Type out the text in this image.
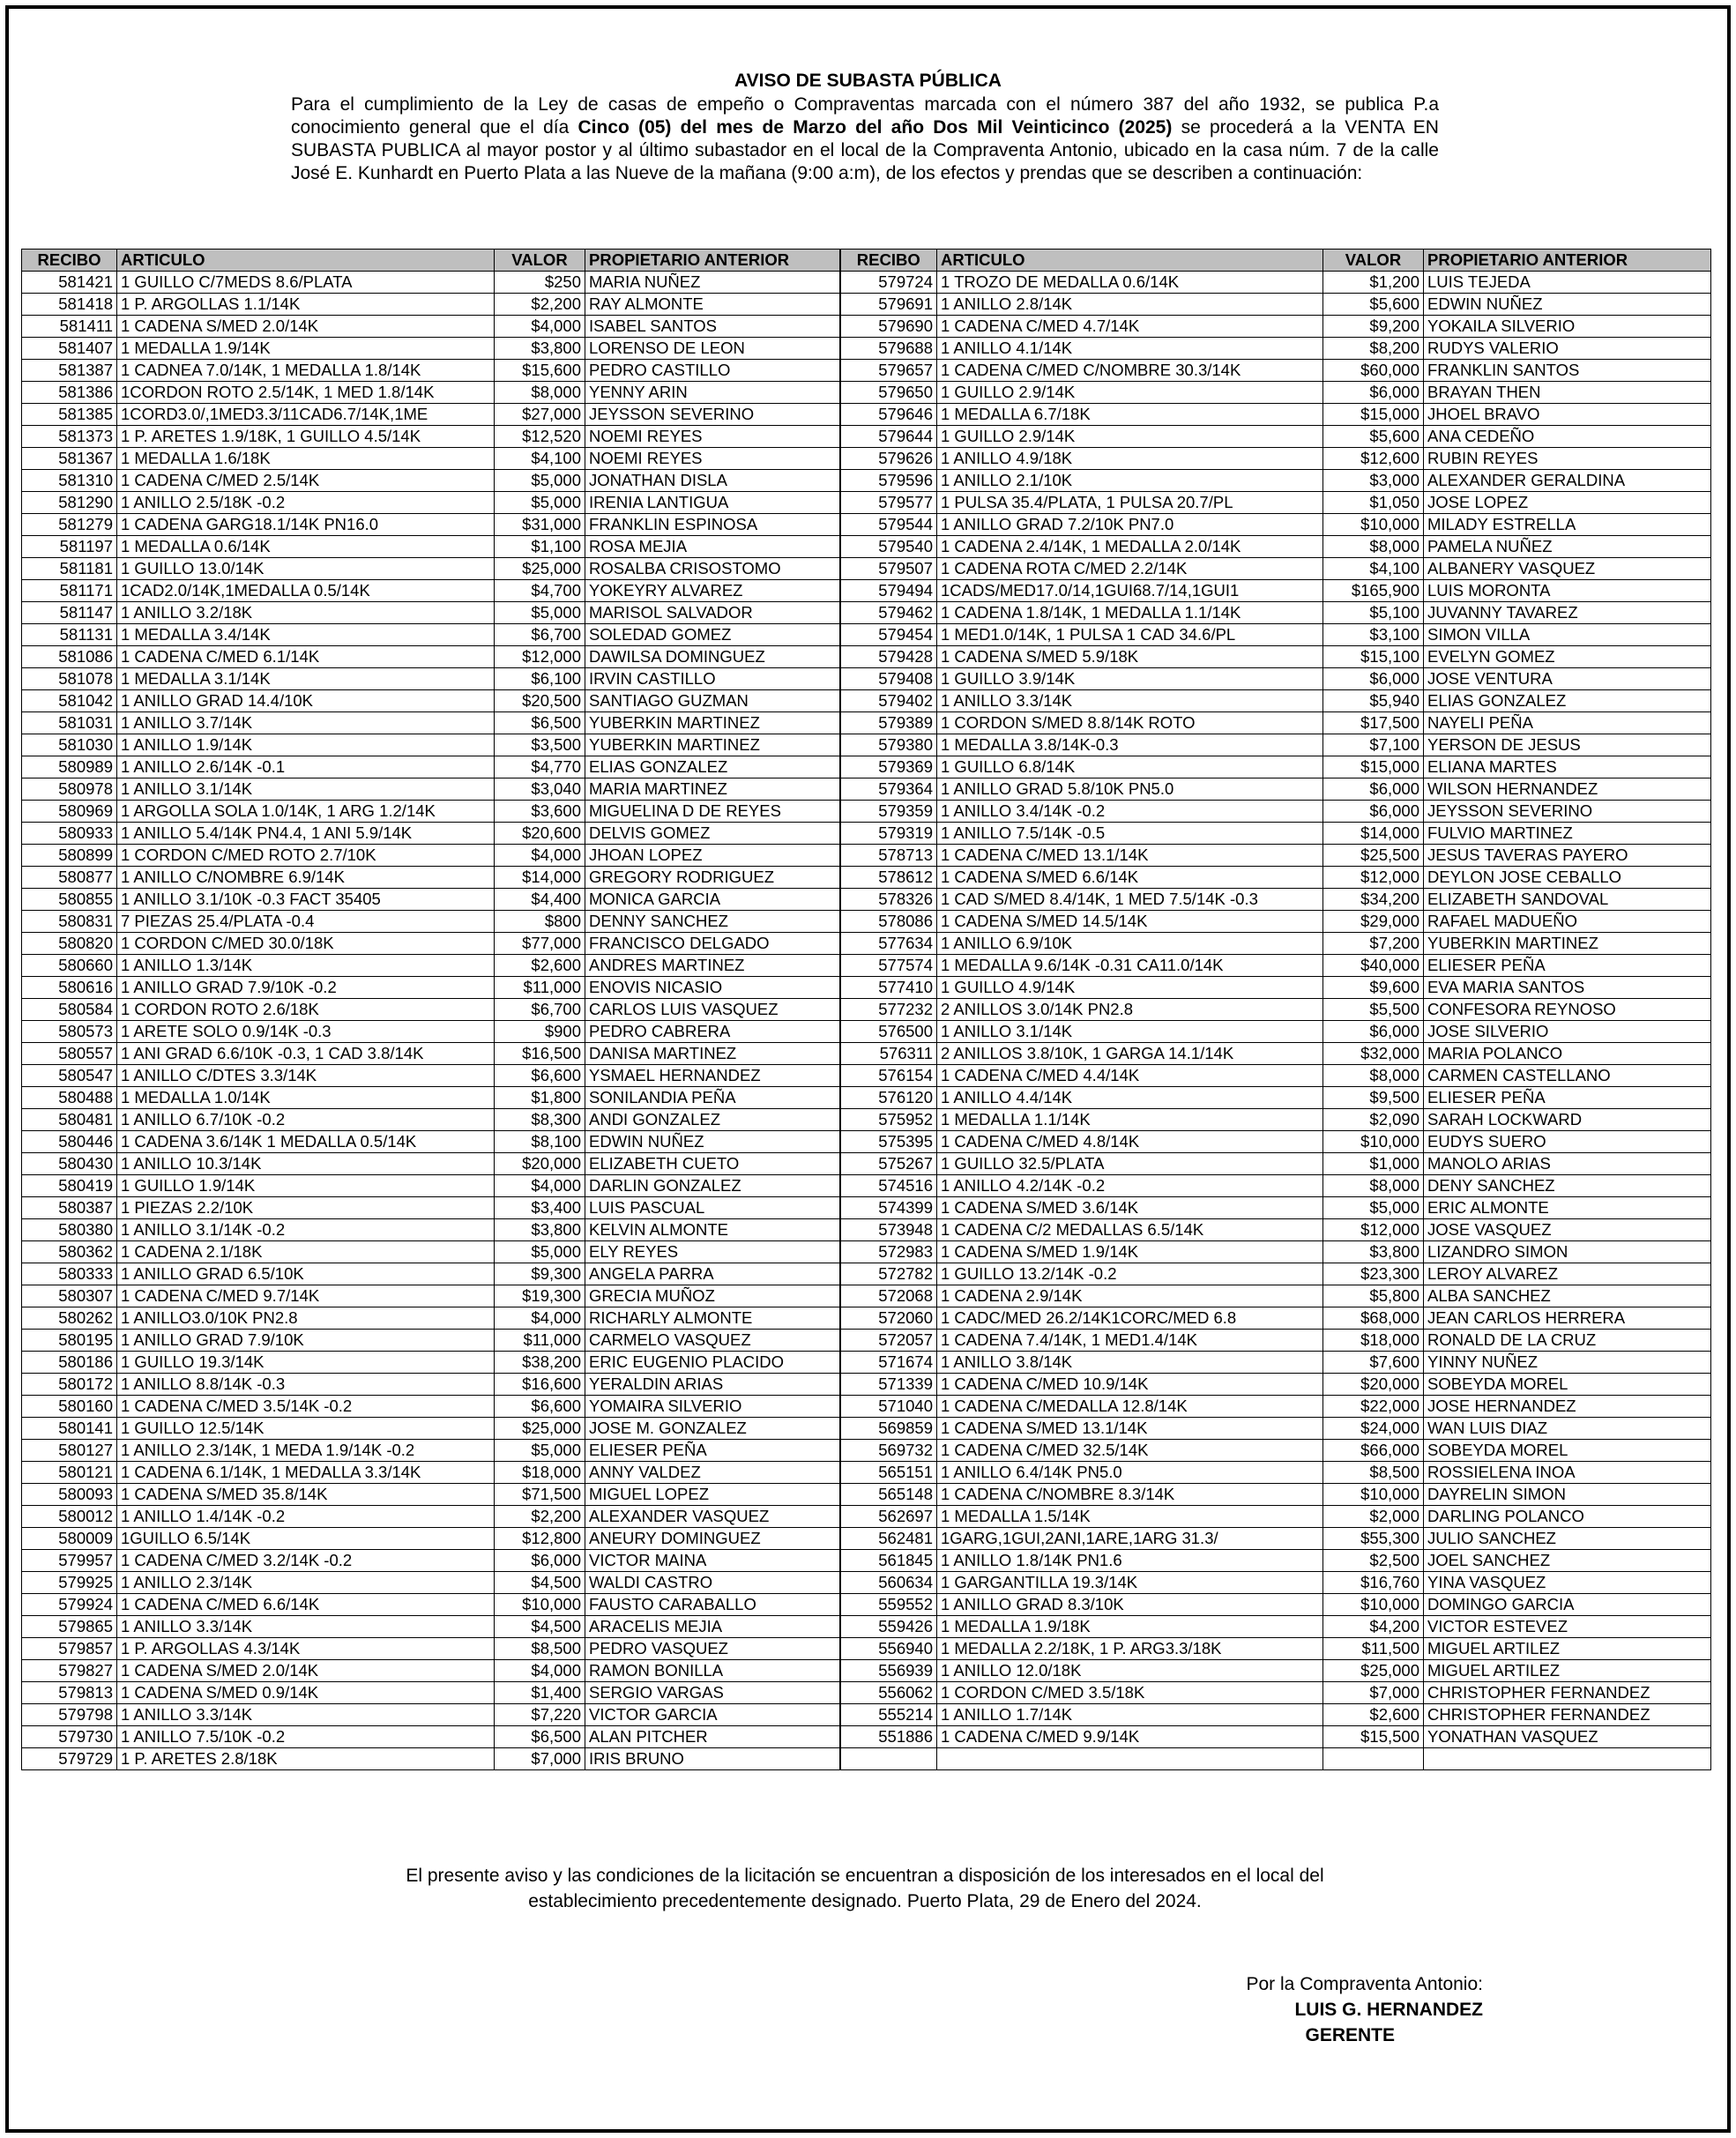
AVISO DE SUBASTA PÚBLICA
Para el cumplimiento de la Ley de casas de empeño o Compraventas marcada con el número 387 del año 1932, se publica P.a conocimiento general que el día Cinco (05) del mes de Marzo del año Dos Mil Veinticinco (2025) se procederá a la VENTA EN SUBASTA PUBLICA al mayor postor y al último subastador en el local de la Compraventa Antonio, ubicado en la casa núm. 7 de la calle José E. Kunhardt en Puerto Plata a las Nueve de la mañana (9:00 a:m), de los efectos y prendas que se describen a continuación:
RECIBO	ARTICULO	VALOR	PROPIETARIO ANTERIOR	RECIBO	ARTICULO	VALOR	PROPIETARIO ANTERIOR
581421	1 GUILLO C/7MEDS 8.6/PLATA	$250	MARIA NUÑEZ	579724	1 TROZO DE MEDALLA 0.6/14K	$1,200	LUIS TEJEDA
581418	1 P. ARGOLLAS 1.1/14K	$2,200	RAY ALMONTE	579691	1 ANILLO 2.8/14K	$5,600	EDWIN NUÑEZ
581411	1 CADENA S/MED 2.0/14K	$4,000	ISABEL SANTOS	579690	1 CADENA C/MED 4.7/14K	$9,200	YOKAILA SILVERIO
581407	1 MEDALLA 1.9/14K	$3,800	LORENSO DE LEON	579688	1 ANILLO 4.1/14K	$8,200	RUDYS VALERIO
581387	1 CADNEA 7.0/14K, 1 MEDALLA 1.8/14K	$15,600	PEDRO CASTILLO	579657	1 CADENA C/MED C/NOMBRE 30.3/14K	$60,000	FRANKLIN SANTOS
581386	1CORDON ROTO 2.5/14K, 1 MED 1.8/14K	$8,000	YENNY ARIN	579650	1 GUILLO 2.9/14K	$6,000	BRAYAN THEN
581385	1CORD3.0/,1MED3.3/11CAD6.7/14K,1ME	$27,000	JEYSSON SEVERINO	579646	1 MEDALLA 6.7/18K	$15,000	JHOEL BRAVO
581373	1 P. ARETES 1.9/18K, 1 GUILLO 4.5/14K	$12,520	NOEMI REYES	579644	1 GUILLO 2.9/14K	$5,600	ANA CEDEÑO
581367	1 MEDALLA 1.6/18K	$4,100	NOEMI REYES	579626	1 ANILLO 4.9/18K	$12,600	RUBIN REYES
581310	1 CADENA C/MED 2.5/14K	$5,000	JONATHAN DISLA	579596	1 ANILLO 2.1/10K	$3,000	ALEXANDER GERALDINA
581290	1 ANILLO 2.5/18K -0.2	$5,000	IRENIA LANTIGUA	579577	1 PULSA 35.4/PLATA, 1 PULSA 20.7/PL	$1,050	JOSE LOPEZ
581279	1 CADENA GARG18.1/14K PN16.0	$31,000	FRANKLIN ESPINOSA	579544	1 ANILLO GRAD 7.2/10K PN7.0	$10,000	MILADY ESTRELLA
581197	1 MEDALLA 0.6/14K	$1,100	ROSA MEJIA	579540	1 CADENA 2.4/14K, 1 MEDALLA 2.0/14K	$8,000	PAMELA NUÑEZ
581181	1 GUILLO 13.0/14K	$25,000	ROSALBA CRISOSTOMO	579507	1 CADENA ROTA C/MED 2.2/14K	$4,100	ALBANERY VASQUEZ
581171	1CAD2.0/14K,1MEDALLA 0.5/14K	$4,700	YOKEYRY ALVAREZ	579494	1CADS/MED17.0/14,1GUI68.7/14,1GUI1	$165,900	LUIS MORONTA
581147	1 ANILLO 3.2/18K	$5,000	MARISOL SALVADOR	579462	1 CADENA 1.8/14K, 1 MEDALLA 1.1/14K	$5,100	JUVANNY TAVAREZ
581131	1 MEDALLA 3.4/14K	$6,700	SOLEDAD GOMEZ	579454	1 MED1.0/14K, 1 PULSA 1 CAD 34.6/PL	$3,100	SIMON VILLA
581086	1 CADENA C/MED 6.1/14K	$12,000	DAWILSA DOMINGUEZ	579428	1 CADENA S/MED 5.9/18K	$15,100	EVELYN GOMEZ
581078	1 MEDALLA 3.1/14K	$6,100	IRVIN CASTILLO	579408	1 GUILLO 3.9/14K	$6,000	JOSE VENTURA
581042	1 ANILLO GRAD 14.4/10K	$20,500	SANTIAGO GUZMAN	579402	1 ANILLO 3.3/14K	$5,940	ELIAS GONZALEZ
581031	1 ANILLO 3.7/14K	$6,500	YUBERKIN MARTINEZ	579389	1 CORDON S/MED 8.8/14K ROTO	$17,500	NAYELI PEÑA
581030	1 ANILLO 1.9/14K	$3,500	YUBERKIN MARTINEZ	579380	1 MEDALLA 3.8/14K-0.3	$7,100	YERSON DE JESUS
580989	1 ANILLO 2.6/14K -0.1	$4,770	ELIAS GONZALEZ	579369	1 GUILLO 6.8/14K	$15,000	ELIANA MARTES
580978	1 ANILLO 3.1/14K	$3,040	MARIA MARTINEZ	579364	1 ANILLO GRAD 5.8/10K PN5.0	$6,000	WILSON HERNANDEZ
580969	1 ARGOLLA SOLA 1.0/14K, 1 ARG 1.2/14K	$3,600	MIGUELINA D DE REYES	579359	1 ANILLO 3.4/14K -0.2	$6,000	JEYSSON SEVERINO
580933	1 ANILLO 5.4/14K PN4.4, 1 ANI 5.9/14K	$20,600	DELVIS GOMEZ	579319	1 ANILLO 7.5/14K -0.5	$14,000	FULVIO MARTINEZ
580899	1 CORDON C/MED ROTO 2.7/10K	$4,000	JHOAN LOPEZ	578713	1 CADENA C/MED 13.1/14K	$25,500	JESUS TAVERAS PAYERO
580877	1 ANILLO C/NOMBRE 6.9/14K	$14,000	GREGORY RODRIGUEZ	578612	1 CADENA S/MED 6.6/14K	$12,000	DEYLON JOSE CEBALLO
580855	1 ANILLO 3.1/10K -0.3 FACT 35405	$4,400	MONICA GARCIA	578326	1 CAD S/MED 8.4/14K, 1 MED 7.5/14K -0.3	$34,200	ELIZABETH SANDOVAL
580831	7 PIEZAS 25.4/PLATA -0.4	$800	DENNY SANCHEZ	578086	1 CADENA S/MED 14.5/14K	$29,000	RAFAEL MADUEÑO
580820	1 CORDON C/MED 30.0/18K	$77,000	FRANCISCO DELGADO	577634	1 ANILLO 6.9/10K	$7,200	YUBERKIN MARTINEZ
580660	1 ANILLO 1.3/14K	$2,600	ANDRES MARTINEZ	577574	1 MEDALLA 9.6/14K -0.31 CA11.0/14K	$40,000	ELIESER PEÑA
580616	1 ANILLO GRAD 7.9/10K -0.2	$11,000	ENOVIS NICASIO	577410	1 GUILLO 4.9/14K	$9,600	EVA MARIA SANTOS
580584	1 CORDON ROTO 2.6/18K	$6,700	CARLOS LUIS VASQUEZ	577232	2 ANILLOS 3.0/14K PN2.8	$5,500	CONFESORA REYNOSO
580573	1 ARETE SOLO 0.9/14K -0.3	$900	PEDRO CABRERA	576500	1 ANILLO 3.1/14K	$6,000	JOSE SILVERIO
580557	1 ANI GRAD 6.6/10K -0.3, 1 CAD 3.8/14K	$16,500	DANISA MARTINEZ	576311	2 ANILLOS 3.8/10K, 1 GARGA 14.1/14K	$32,000	MARIA POLANCO
580547	1 ANILLO C/DTES 3.3/14K	$6,600	YSMAEL HERNANDEZ	576154	1 CADENA C/MED 4.4/14K	$8,000	CARMEN CASTELLANO
580488	1 MEDALLA 1.0/14K	$1,800	SONILANDIA PEÑA	576120	1 ANILLO 4.4/14K	$9,500	ELIESER PEÑA
580481	1 ANILLO 6.7/10K -0.2	$8,300	ANDI GONZALEZ	575952	1 MEDALLA 1.1/14K	$2,090	SARAH LOCKWARD
580446	1 CADENA 3.6/14K 1 MEDALLA 0.5/14K	$8,100	EDWIN NUÑEZ	575395	1 CADENA C/MED 4.8/14K	$10,000	EUDYS SUERO
580430	1 ANILLO 10.3/14K	$20,000	ELIZABETH CUETO	575267	1 GUILLO 32.5/PLATA	$1,000	MANOLO ARIAS
580419	1 GUILLO 1.9/14K	$4,000	DARLIN GONZALEZ	574516	1 ANILLO 4.2/14K -0.2	$8,000	DENY SANCHEZ
580387	1 PIEZAS 2.2/10K	$3,400	LUIS PASCUAL	574399	1 CADENA S/MED 3.6/14K	$5,000	ERIC ALMONTE
580380	1 ANILLO 3.1/14K -0.2	$3,800	KELVIN ALMONTE	573948	1 CADENA C/2 MEDALLAS 6.5/14K	$12,000	JOSE VASQUEZ
580362	1 CADENA 2.1/18K	$5,000	ELY REYES	572983	1 CADENA S/MED 1.9/14K	$3,800	LIZANDRO SIMON
580333	1 ANILLO GRAD 6.5/10K	$9,300	ANGELA PARRA	572782	1 GUILLO 13.2/14K -0.2	$23,300	LEROY ALVAREZ
580307	1 CADENA C/MED 9.7/14K	$19,300	GRECIA MUÑOZ	572068	1 CADENA 2.9/14K	$5,800	ALBA SANCHEZ
580262	1 ANILLO3.0/10K PN2.8	$4,000	RICHARLY ALMONTE	572060	1 CADC/MED 26.2/14K1CORC/MED 6.8	$68,000	JEAN CARLOS HERRERA
580195	1 ANILLO GRAD 7.9/10K	$11,000	CARMELO VASQUEZ	572057	1 CADENA 7.4/14K, 1 MED1.4/14K	$18,000	RONALD DE LA CRUZ
580186	1 GUILLO 19.3/14K	$38,200	ERIC EUGENIO PLACIDO	571674	1 ANILLO 3.8/14K	$7,600	YINNY NUÑEZ
580172	1 ANILLO 8.8/14K -0.3	$16,600	YERALDIN ARIAS	571339	1 CADENA C/MED 10.9/14K	$20,000	SOBEYDA MOREL
580160	1 CADENA C/MED 3.5/14K -0.2	$6,600	YOMAIRA SILVERIO	571040	1 CADENA C/MEDALLA 12.8/14K	$22,000	JOSE HERNANDEZ
580141	1 GUILLO 12.5/14K	$25,000	JOSE M. GONZALEZ	569859	1 CADENA S/MED 13.1/14K	$24,000	WAN LUIS DIAZ
580127	1 ANILLO 2.3/14K, 1 MEDA 1.9/14K -0.2	$5,000	ELIESER PEÑA	569732	1 CADENA C/MED 32.5/14K	$66,000	SOBEYDA MOREL
580121	1 CADENA 6.1/14K, 1 MEDALLA 3.3/14K	$18,000	ANNY VALDEZ	565151	1 ANILLO 6.4/14K PN5.0	$8,500	ROSSIELENA INOA
580093	1 CADENA S/MED 35.8/14K	$71,500	MIGUEL LOPEZ	565148	1 CADENA C/NOMBRE 8.3/14K	$10,000	DAYRELIN SIMON
580012	1 ANILLO 1.4/14K -0.2	$2,200	ALEXANDER VASQUEZ	562697	1 MEDALLA 1.5/14K	$2,000	DARLING POLANCO
580009	1GUILLO 6.5/14K	$12,800	ANEURY DOMINGUEZ	562481	1GARG,1GUI,2ANI,1ARE,1ARG 31.3/	$55,300	JULIO SANCHEZ
579957	1 CADENA C/MED 3.2/14K -0.2	$6,000	VICTOR MAINA	561845	1 ANILLO 1.8/14K PN1.6	$2,500	JOEL SANCHEZ
579925	1 ANILLO 2.3/14K	$4,500	WALDI CASTRO	560634	1 GARGANTILLA 19.3/14K	$16,760	YINA VASQUEZ
579924	1 CADENA C/MED 6.6/14K	$10,000	FAUSTO CARABALLO	559552	1 ANILLO GRAD 8.3/10K	$10,000	DOMINGO GARCIA
579865	1 ANILLO 3.3/14K	$4,500	ARACELIS MEJIA	559426	1 MEDALLA 1.9/18K	$4,200	VICTOR ESTEVEZ
579857	1 P. ARGOLLAS 4.3/14K	$8,500	PEDRO VASQUEZ	556940	1 MEDALLA 2.2/18K, 1 P. ARG3.3/18K	$11,500	MIGUEL ARTILEZ
579827	1 CADENA S/MED 2.0/14K	$4,000	RAMON BONILLA	556939	1 ANILLO 12.0/18K	$25,000	MIGUEL ARTILEZ
579813	1 CADENA S/MED 0.9/14K	$1,400	SERGIO VARGAS	556062	1 CORDON C/MED 3.5/18K	$7,000	CHRISTOPHER FERNANDEZ
579798	1 ANILLO 3.3/14K	$7,220	VICTOR GARCIA	555214	1 ANILLO 1.7/14K	$2,600	CHRISTOPHER FERNANDEZ
579730	1 ANILLO 7.5/10K -0.2	$6,500	ALAN PITCHER	551886	1 CADENA C/MED 9.9/14K	$15,500	YONATHAN VASQUEZ
579729	1 P. ARETES 2.8/18K	$7,000	IRIS BRUNO				
El presente aviso y las condiciones de la licitación se encuentran a disposición de los interesados en el local del
establecimiento precedentemente designado. Puerto Plata, 29 de Enero del 2024.
Por la Compraventa Antonio:
LUIS G. HERNANDEZ
GERENTE
